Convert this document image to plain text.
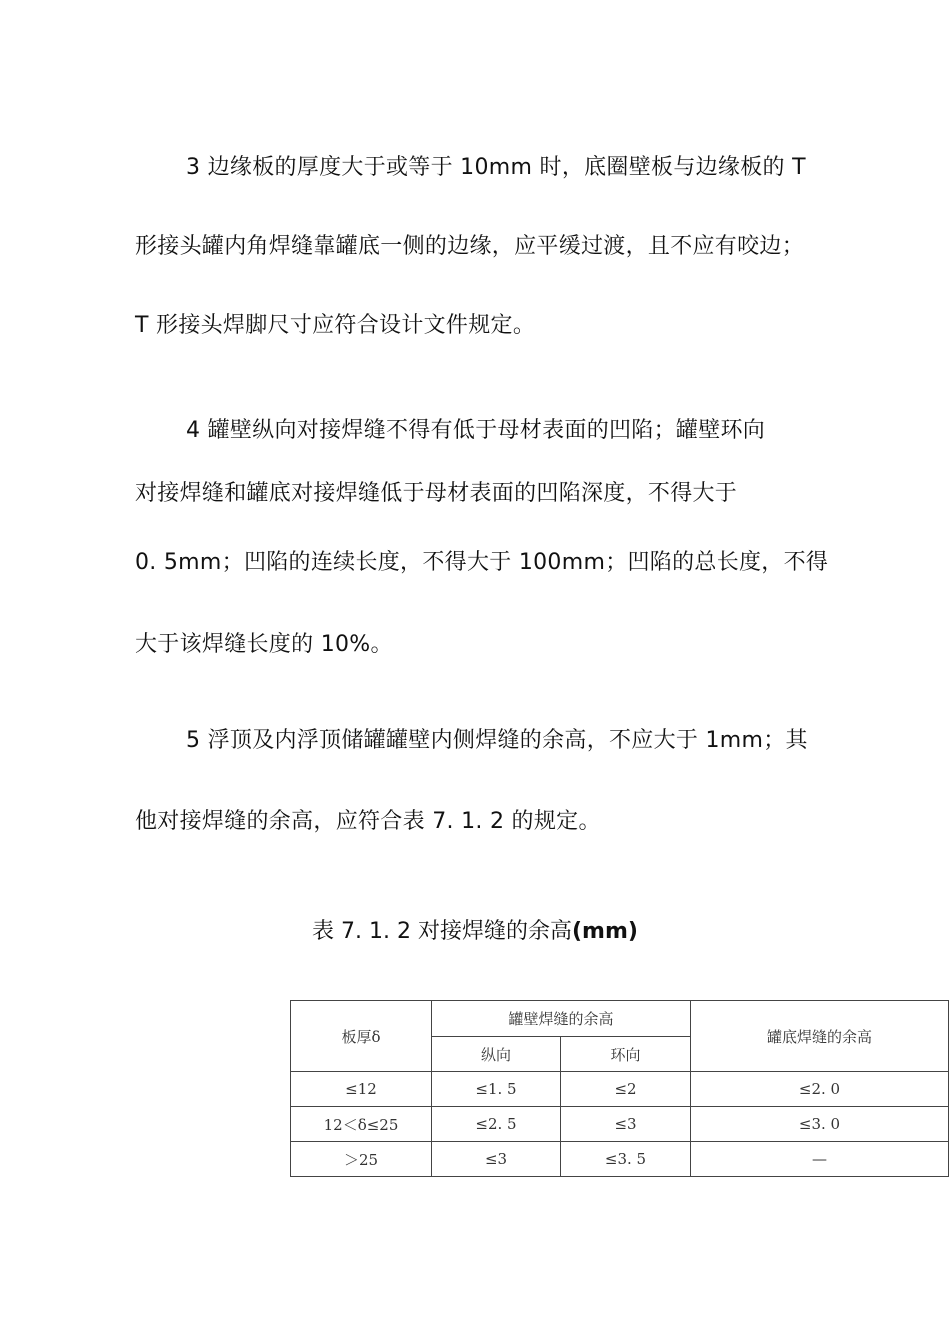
3 边缘板的厚度大于或等于 10mm 时，底圈壁板与边缘板的 T
形接头罐内角焊缝靠罐底一侧的边缘，应平缓过渡，且不应有咬边；
T 形接头焊脚尺寸应符合设计文件规定。
4 罐壁纵向对接焊缝不得有低于母材表面的凹陷；罐壁环向
对接焊缝和罐底对接焊缝低于母材表面的凹陷深度，不得大于
0. 5mm；凹陷的连续长度，不得大于 100mm；凹陷的总长度，不得
大于该焊缝长度的 10%。
5 浮顶及内浮顶储罐罐壁内侧焊缝的余高，不应大于 1mm；其
他对接焊缝的余高，应符合表 7. 1. 2 的规定。
表 7. 1. 2 对接焊缝的余高(mm)
板厚δ	罐壁焊缝的余高		罐底焊缝的余高
	纵向	环向	
≤12	≤1. 5	≤2	≤2. 0
12＜δ≤25	≤2. 5	≤3	≤3. 0
＞25	≤3	≤3. 5	—
